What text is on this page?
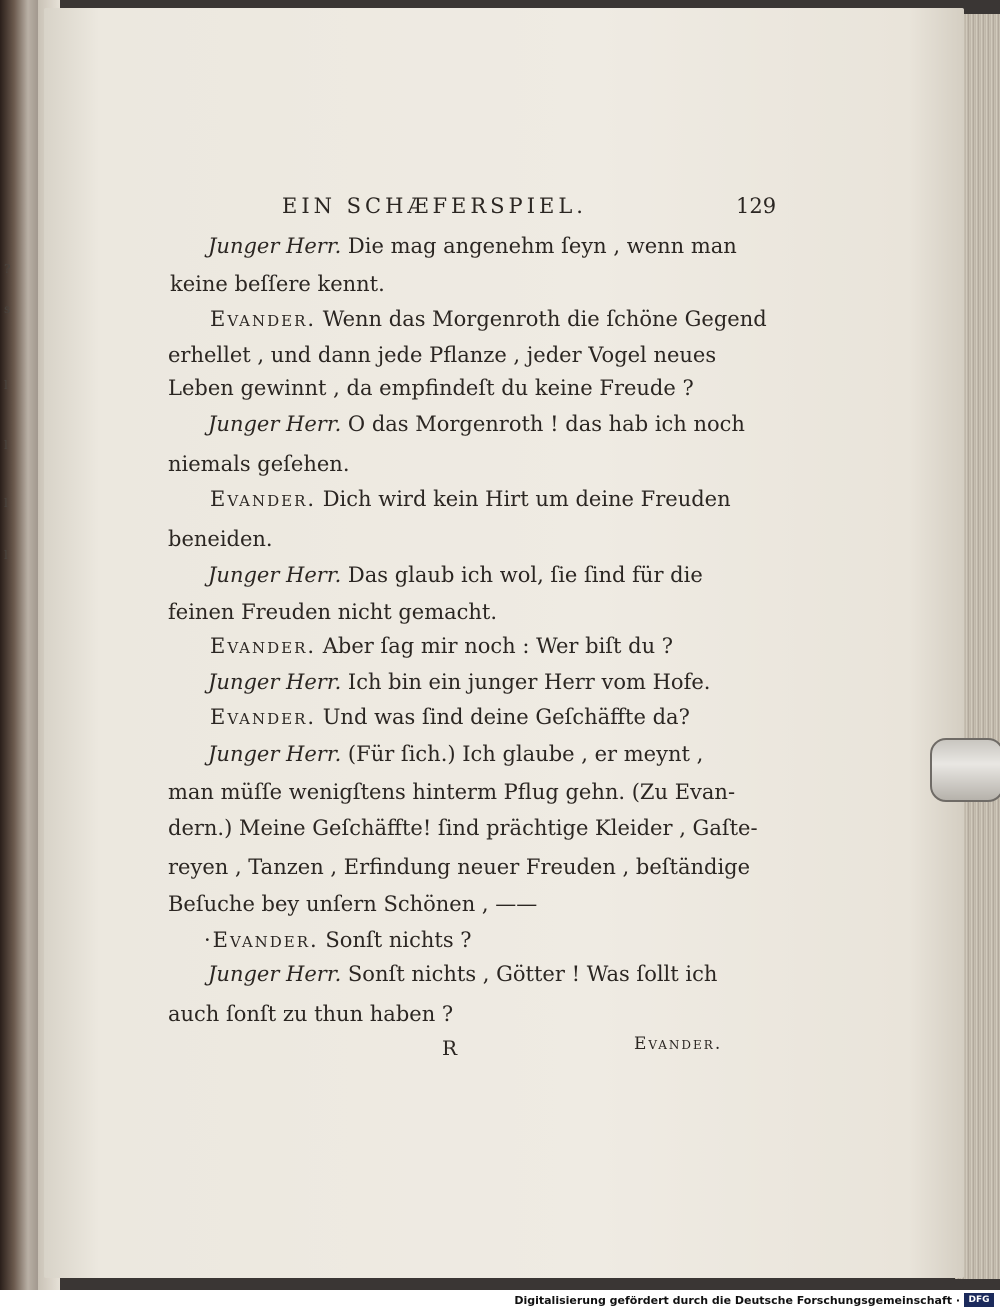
?
s
l
l
l
l
EIN SCHÆFERSPIEL.	129
Junger Herr. Die mag angenehm ſeyn , wenn man
keine beſſere kennt.
Evander. Wenn das Morgenroth die ſchöne Gegend
erhellet , und dann jede Pflanze , jeder Vogel neues
Leben gewinnt , da empfindeſt du keine Freude ?
Junger Herr. O das Morgenroth ! das hab ich noch
niemals geſehen.
Evander. Dich wird kein Hirt um deine Freuden
beneiden.
Junger Herr. Das glaub ich wol, ſie ſind für die
feinen Freuden nicht gemacht.
Evander. Aber ſag mir noch : Wer biſt du ?
Junger Herr. Ich bin ein junger Herr vom Hofe.
Evander. Und was ſind deine Geſchäffte da?
Junger Herr. (Für ſich.) Ich glaube , er meynt ,
man müſſe wenigſtens hinterm Pflug gehn. (Zu Evan-
dern.) Meine Geſchäffte! ſind prächtige Kleider , Gaſte-
reyen , Tanzen , Erfindung neuer Freuden , beſtändige
Beſuche bey unſern Schönen , ——
·Evander. Sonſt nichts ?
Junger Herr. Sonſt nichts , Götter ! Was ſollt ich
auch ſonſt zu thun haben ?
R	Evander.
Digitalisierung gefördert durch die Deutsche Forschungsgemeinschaft · DFG
